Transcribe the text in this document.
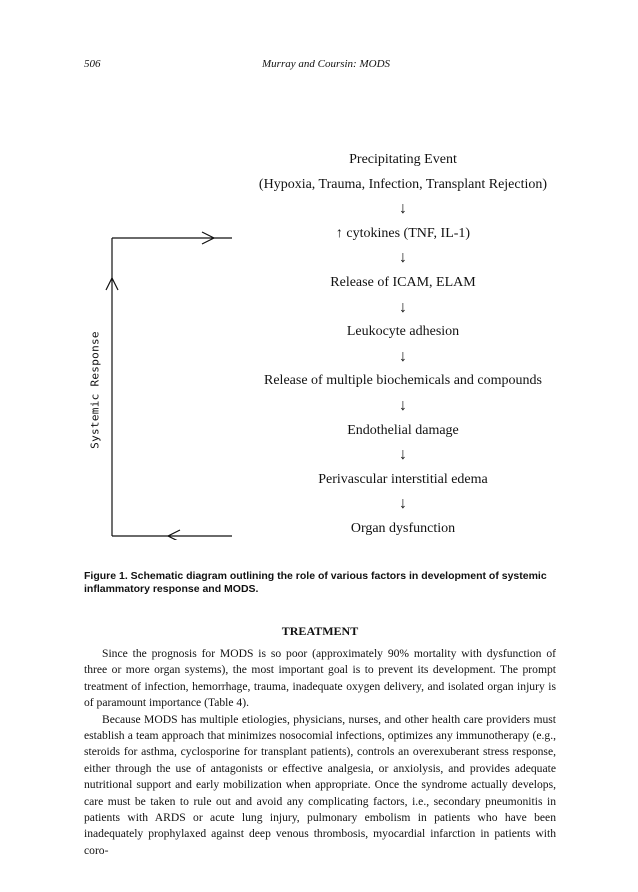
506	Murray and Coursin: MODS
Precipitating Event
(Hypoxia, Trauma, Infection, Transplant Rejection)
↓
↑ cytokines (TNF, IL-1)
↓
Release of ICAM, ELAM
↓
Leukocyte adhesion
↓
Release of multiple biochemicals and compounds
↓
Endothelial damage
↓
Perivascular interstitial edema
↓
Organ dysfunction
Systemic Response
Figure 1. Schematic diagram outlining the role of various factors in development of systemic inflammatory response and MODS.
TREATMENT

Since the prognosis for MODS is so poor (approximately 90% mortality with dysfunction of three or more organ systems), the most important goal is to prevent its development. The prompt treatment of infection, hemorrhage, trauma, inadequate oxygen delivery, and isolated organ injury is of paramount importance (Table 4).

Because MODS has multiple etiologies, physicians, nurses, and other health care providers must establish a team approach that minimizes nosocomial infections, optimizes any immunotherapy (e.g., steroids for asthma, cyclosporine for transplant patients), controls an overexuberant stress response, either through the use of antagonists or effective analgesia, or anxiolysis, and provides adequate nutritional support and early mobilization when appropriate. Once the syndrome actually develops, care must be taken to rule out and avoid any complicating factors, i.e., secondary pneumonitis in patients with ARDS or acute lung injury, pulmonary embolism in patients who have been inadequately prophylaxed against deep venous thrombosis, myocardial infarction in patients with coro-
